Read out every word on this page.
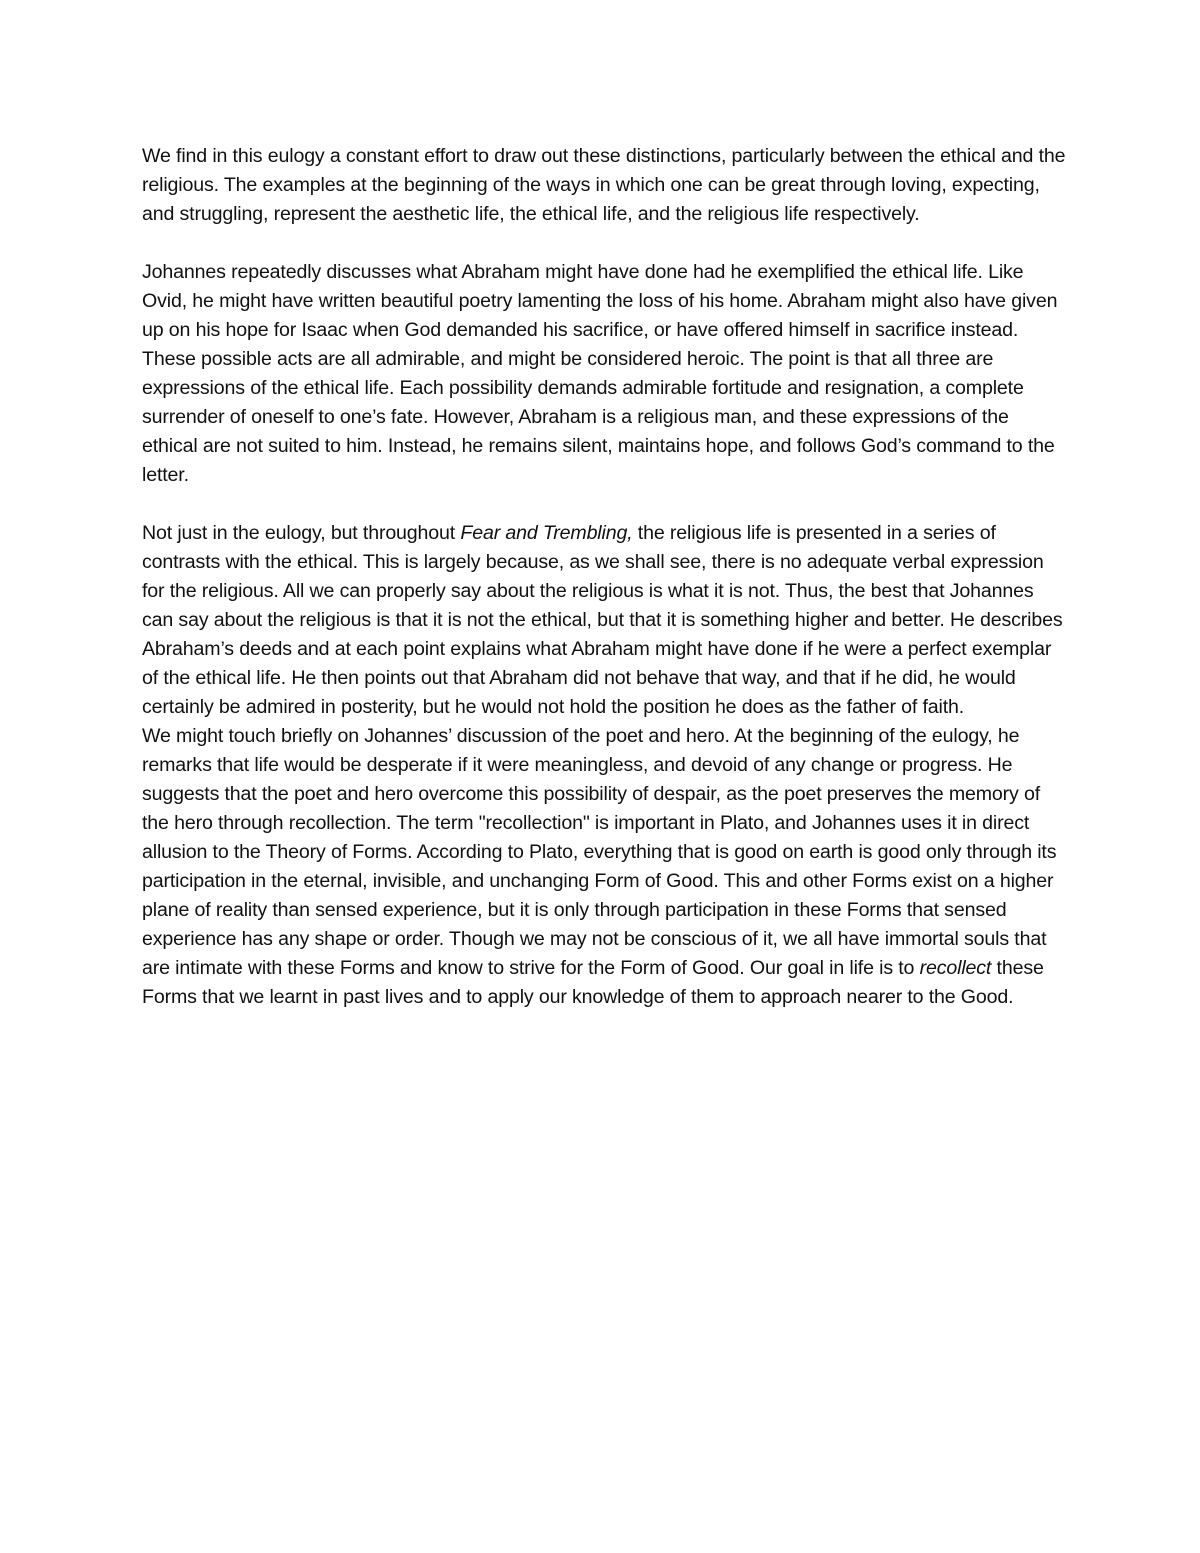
We find in this eulogy a constant effort to draw out these distinctions, particularly between the ethical and the religious. The examples at the beginning of the ways in which one can be great through loving, expecting, and struggling, represent the aesthetic life, the ethical life, and the religious life respectively.

Johannes repeatedly discusses what Abraham might have done had he exemplified the ethical life. Like Ovid, he might have written beautiful poetry lamenting the loss of his home. Abraham might also have given up on his hope for Isaac when God demanded his sacrifice, or have offered himself in sacrifice instead. These possible acts are all admirable, and might be considered heroic. The point is that all three are expressions of the ethical life. Each possibility demands admirable fortitude and resignation, a complete surrender of oneself to one’s fate. However, Abraham is a religious man, and these expressions of the ethical are not suited to him. Instead, he remains silent, maintains hope, and follows God’s command to the letter.

Not just in the eulogy, but throughout Fear and Trembling, the religious life is presented in a series of contrasts with the ethical. This is largely because, as we shall see, there is no adequate verbal expression for the religious. All we can properly say about the religious is what it is not. Thus, the best that Johannes can say about the religious is that it is not the ethical, but that it is something higher and better. He describes Abraham’s deeds and at each point explains what Abraham might have done if he were a perfect exemplar of the ethical life. He then points out that Abraham did not behave that way, and that if he did, he would certainly be admired in posterity, but he would not hold the position he does as the father of faith.

We might touch briefly on Johannes’ discussion of the poet and hero. At the beginning of the eulogy, he remarks that life would be desperate if it were meaningless, and devoid of any change or progress. He suggests that the poet and hero overcome this possibility of despair, as the poet preserves the memory of the hero through recollection. The term "recollection" is important in Plato, and Johannes uses it in direct allusion to the Theory of Forms. According to Plato, everything that is good on earth is good only through its participation in the eternal, invisible, and unchanging Form of Good. This and other Forms exist on a higher plane of reality than sensed experience, but it is only through participation in these Forms that sensed experience has any shape or order. Though we may not be conscious of it, we all have immortal souls that are intimate with these Forms and know to strive for the Form of Good. Our goal in life is to recollect these Forms that we learnt in past lives and to apply our knowledge of them to approach nearer to the Good.
